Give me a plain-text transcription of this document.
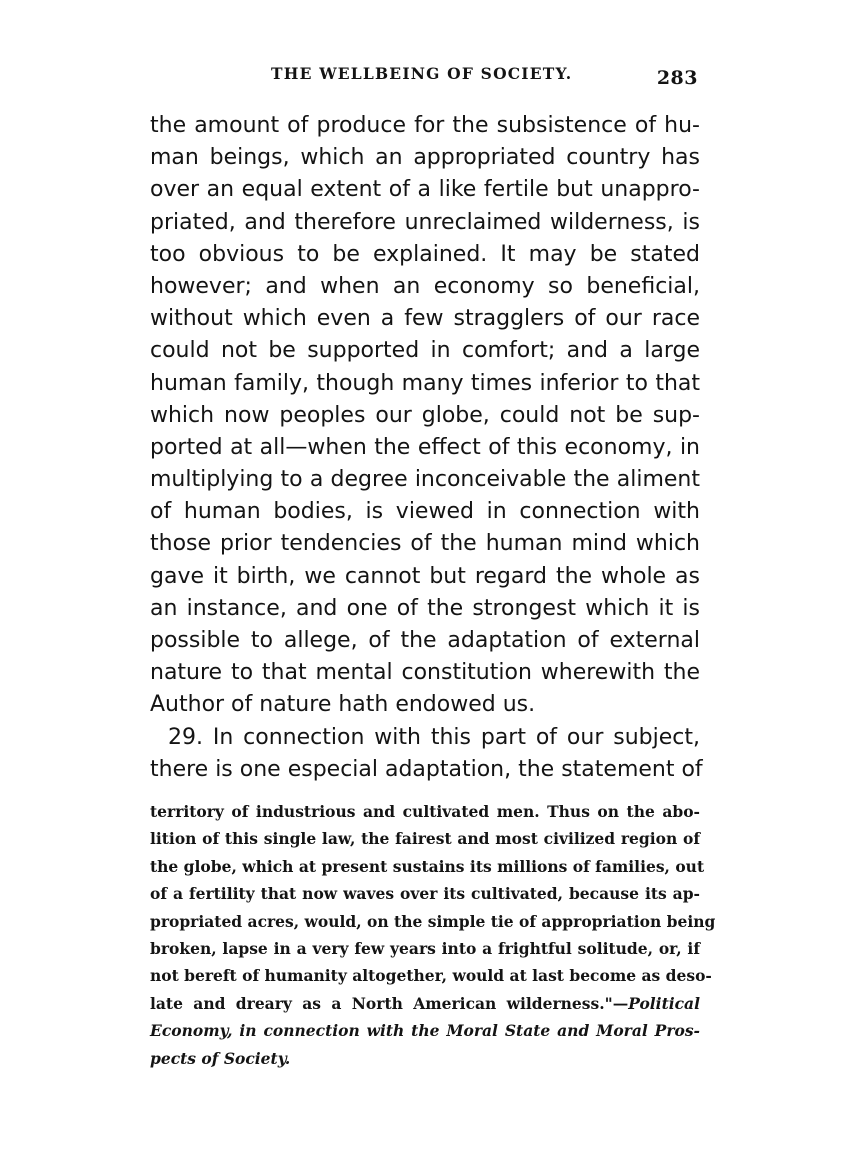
THE WELLBEING OF SOCIETY.	283
the amount of produce for the subsistence of hu-
man beings, which an appropriated country has
over an equal extent of a like fertile but unappro-
priated, and therefore unreclaimed wilderness, is
too obvious to be explained. It may be stated
however; and when an economy so beneficial,
without which even a few stragglers of our race
could not be supported in comfort; and a large
human family, though many times inferior to that
which now peoples our globe, could not be sup-
ported at all—when the effect of this economy, in
multiplying to a degree inconceivable the aliment
of human bodies, is viewed in connection with
those prior tendencies of the human mind which
gave it birth, we cannot but regard the whole as
an instance, and one of the strongest which it is
possible to allege, of the adaptation of external
nature to that mental constitution wherewith the
Author of nature hath endowed us.
29. In connection with this part of our subject,
there is one especial adaptation, the statement of
territory of industrious and cultivated men. Thus on the abo-
lition of this single law, the fairest and most civilized region of
the globe, which at present sustains its millions of families, out
of a fertility that now waves over its cultivated, because its ap-
propriated acres, would, on the simple tie of appropriation being
broken, lapse in a very few years into a frightful solitude, or, if
not bereft of humanity altogether, would at last become as deso-
late and dreary as a North American wilderness."—Political
Economy, in connection with the Moral State and Moral Pros-
pects of Society.
